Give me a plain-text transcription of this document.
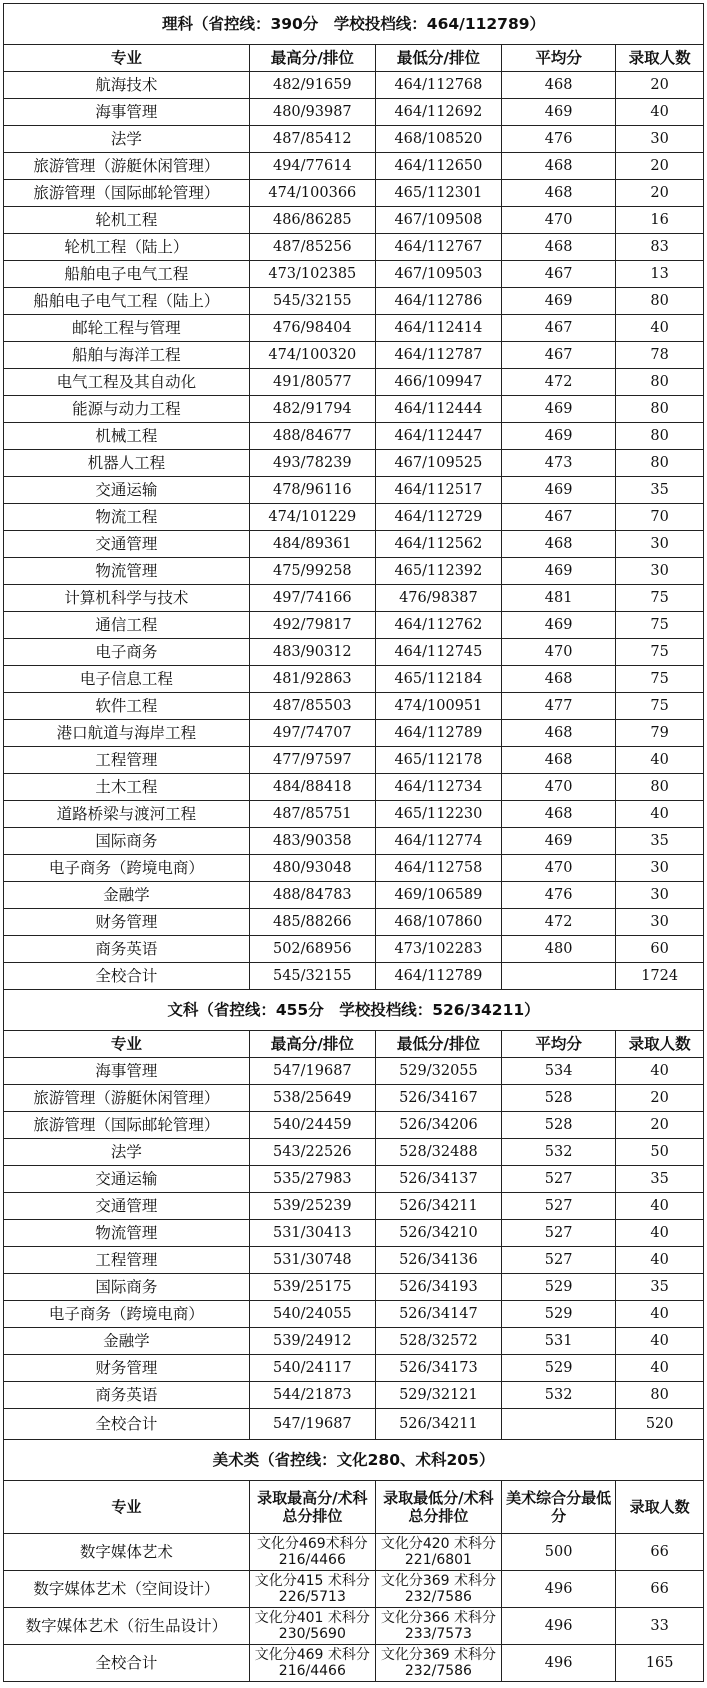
理科（省控线：390分　学校投档线：464/112789）				
专业	最高分/排位	最低分/排位	平均分	录取人数
航海技术	482/91659	464/112768	468	20
海事管理	480/93987	464/112692	469	40
法学	487/85412	468/108520	476	30
旅游管理（游艇休闲管理）	494/77614	464/112650	468	20
旅游管理（国际邮轮管理）	474/100366	465/112301	468	20
轮机工程	486/86285	467/109508	470	16
轮机工程（陆上）	487/85256	464/112767	468	83
船舶电子电气工程	473/102385	467/109503	467	13
船舶电子电气工程（陆上）	545/32155	464/112786	469	80
邮轮工程与管理	476/98404	464/112414	467	40
船舶与海洋工程	474/100320	464/112787	467	78
电气工程及其自动化	491/80577	466/109947	472	80
能源与动力工程	482/91794	464/112444	469	80
机械工程	488/84677	464/112447	469	80
机器人工程	493/78239	467/109525	473	80
交通运输	478/96116	464/112517	469	35
物流工程	474/101229	464/112729	467	70
交通管理	484/89361	464/112562	468	30
物流管理	475/99258	465/112392	469	30
计算机科学与技术	497/74166	476/98387	481	75
通信工程	492/79817	464/112762	469	75
电子商务	483/90312	464/112745	470	75
电子信息工程	481/92863	465/112184	468	75
软件工程	487/85503	474/100951	477	75
港口航道与海岸工程	497/74707	464/112789	468	79
工程管理	477/97597	465/112178	468	40
土木工程	484/88418	464/112734	470	80
道路桥梁与渡河工程	487/85751	465/112230	468	40
国际商务	483/90358	464/112774	469	35
电子商务（跨境电商）	480/93048	464/112758	470	30
金融学	488/84783	469/106589	476	30
财务管理	485/88266	468/107860	472	30
商务英语	502/68956	473/102283	480	60
全校合计	545/32155	464/112789		1724
文科（省控线：455分　学校投档线：526/34211）				
专业	最高分/排位	最低分/排位	平均分	录取人数
海事管理	547/19687	529/32055	534	40
旅游管理（游艇休闲管理）	538/25649	526/34167	528	20
旅游管理（国际邮轮管理）	540/24459	526/34206	528	20
法学	543/22526	528/32488	532	50
交通运输	535/27983	526/34137	527	35
交通管理	539/25239	526/34211	527	40
物流管理	531/30413	526/34210	527	40
工程管理	531/30748	526/34136	527	40
国际商务	539/25175	526/34193	529	35
电子商务（跨境电商）	540/24055	526/34147	529	40
金融学	539/24912	528/32572	531	40
财务管理	540/24117	526/34173	529	40
商务英语	544/21873	529/32121	532	80
全校合计	547/19687	526/34211		520
美术类（省控线：文化280、术科205）				
专业	录取最高分/术科总分排位	录取最低分/术科总分排位	美术综合分最低分	录取人数
数字媒体艺术	文化分469术科分216/4466	文化分420 术科分221/6801	500	66
数字媒体艺术（空间设计）	文化分415 术科分226/5713	文化分369 术科分232/7586	496	66
数字媒体艺术（衍生品设计）	文化分401 术科分230/5690	文化分366 术科分233/7573	496	33
全校合计	文化分469 术科分216/4466	文化分369 术科分232/7586	496	165
